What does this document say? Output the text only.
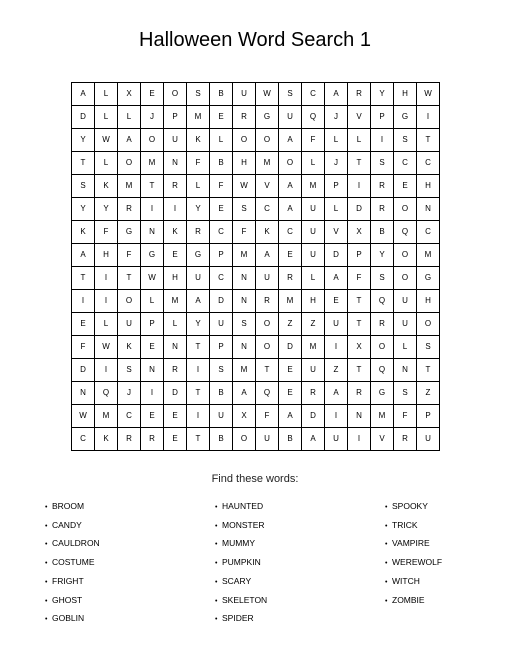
Halloween Word Search 1
A	L	X	E	O	S	B	U	W	S	C	A	R	Y	H	W
D	L	L	J	P	M	E	R	G	U	Q	J	V	P	G	I
Y	W	A	O	U	K	L	O	O	A	F	L	L	I	S	T
T	L	O	M	N	F	B	H	M	O	L	J	T	S	C	C
S	K	M	T	R	L	F	W	V	A	M	P	I	R	E	H
Y	Y	R	I	I	Y	E	S	C	A	U	L	D	R	O	N
K	F	G	N	K	R	C	F	K	C	U	V	X	B	Q	C
A	H	F	G	E	G	P	M	A	E	U	D	P	Y	O	M
T	I	T	W	H	U	C	N	U	R	L	A	F	S	O	G
I	I	O	L	M	A	D	N	R	M	H	E	T	Q	U	H
E	L	U	P	L	Y	U	S	O	Z	Z	U	T	R	U	O
F	W	K	E	N	T	P	N	O	D	M	I	X	O	L	S
D	I	S	N	R	I	S	M	T	E	U	Z	T	Q	N	T
N	Q	J	I	D	T	B	A	Q	E	R	A	R	G	S	Z
W	M	C	E	E	I	U	X	F	A	D	I	N	M	F	P
C	K	R	R	E	T	B	O	U	B	A	U	I	V	R	U
Find these words:
• BROOM
• CANDY
• CAULDRON
• COSTUME
• FRIGHT
• GHOST
• GOBLIN
• HAUNTED
• MONSTER
• MUMMY
• PUMPKIN
• SCARY
• SKELETON
• SPIDER
• SPOOKY
• TRICK
• VAMPIRE
• WEREWOLF
• WITCH
• ZOMBIE
